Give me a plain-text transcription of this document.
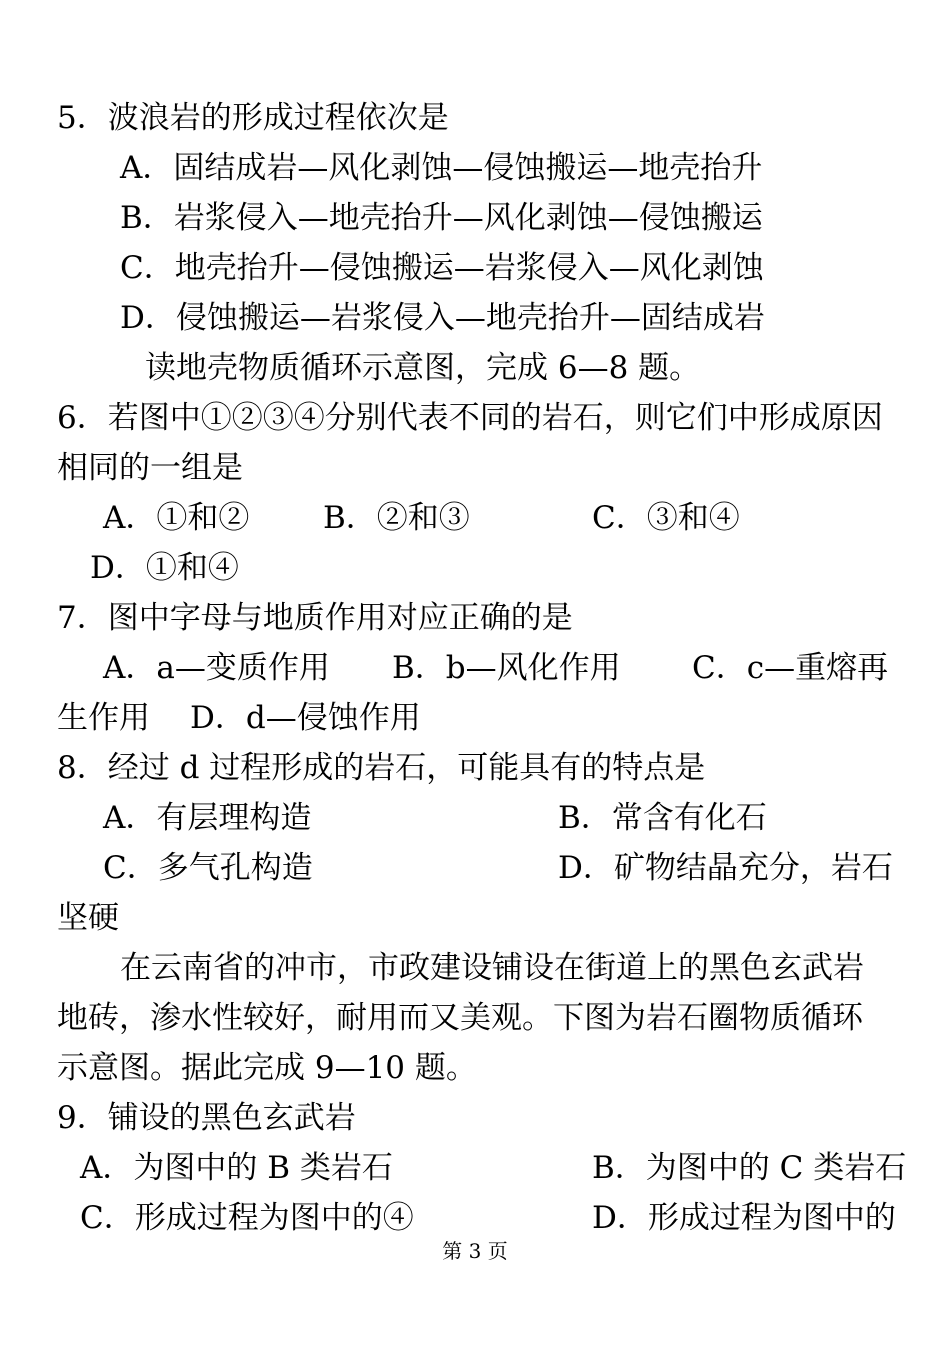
5．波浪岩的形成过程依次是
A．固结成岩—风化剥蚀—侵蚀搬运—地壳抬升
B．岩浆侵入—地壳抬升—风化剥蚀—侵蚀搬运
C．地壳抬升—侵蚀搬运—岩浆侵入—风化剥蚀
D．侵蚀搬运—岩浆侵入—地壳抬升—固结成岩
读地壳物质循环示意图，完成 6—8 题。
6．若图中①②③④分别代表不同的岩石，则它们中形成原因
相同的一组是
A．①和② B．②和③	C．③和④
D．①和④
7．图中字母与地质作用对应正确的是
A．a—变质作用 B．b—风化作用 C．c—重熔再
生作用 D．d—侵蚀作用
8．经过 d 过程形成的岩石，可能具有的特点是
A．有层理构造	B．常含有化石
C．多气孔构造	D．矿物结晶充分，岩石
坚硬
在云南省的冲市，市政建设铺设在街道上的黑色玄武岩
地砖，渗水性较好，耐用而又美观。下图为岩石圈物质循环
示意图。据此完成 9—10 题。
9．铺设的黑色玄武岩
A．为图中的 B 类岩石	B．为图中的 C 类岩石
C．形成过程为图中的④	D．形成过程为图中的
第 3 页
